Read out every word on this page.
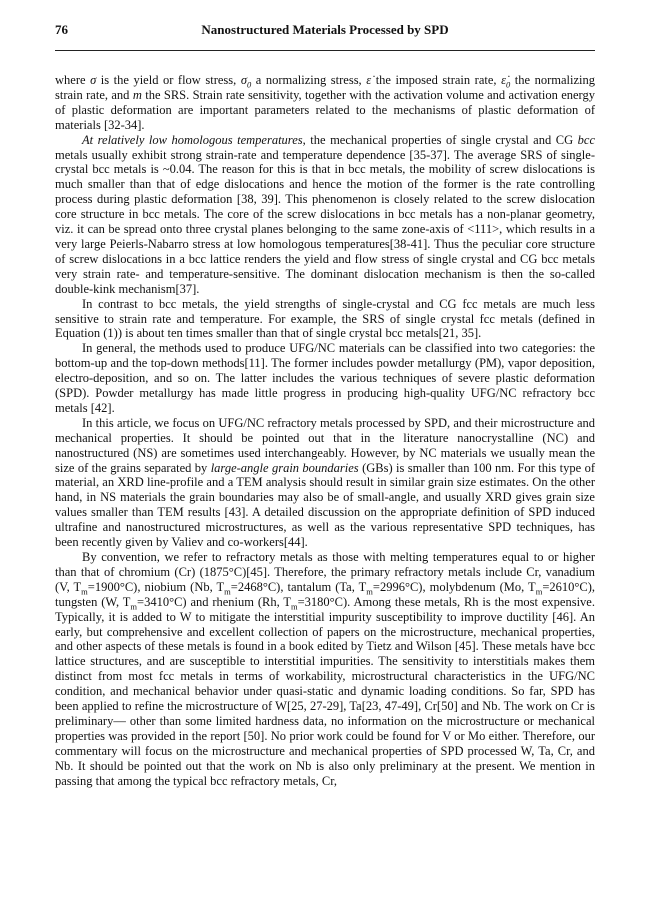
76	Nanostructured Materials Processed by SPD

where σ is the yield or flow stress, $\sigma_0$ a normalizing stress, ε̇ the imposed strain rate, $\varepsiloṅ_0$ the normalizing strain rate, and m the SRS. Strain rate sensitivity, together with the activation volume and activation energy of plastic deformation are important parameters related to the mechanisms of plastic deformation of materials [32-34].

At relatively low homologous temperatures, the mechanical properties of single crystal and CG bcc metals usually exhibit strong strain-rate and temperature dependence [35-37]. The average SRS of single-crystal bcc metals is ~0.04. The reason for this is that in bcc metals, the mobility of screw dislocations is much smaller than that of edge dislocations and hence the motion of the former is the rate controlling process during plastic deformation [38, 39]. This phenomenon is closely related to the screw dislocation core structure in bcc metals. The core of the screw dislocations in bcc metals has a non-planar geometry, viz. it can be spread onto three crystal planes belonging to the same zone-axis of <111>, which results in a very large Peierls-Nabarro stress at low homologous temperatures[38-41]. Thus the peculiar core structure of screw dislocations in a bcc lattice renders the yield and flow stress of single crystal and CG bcc metals very strain rate- and temperature-sensitive. The dominant dislocation mechanism is then the so-called double-kink mechanism[37].

In contrast to bcc metals, the yield strengths of single-crystal and CG fcc metals are much less sensitive to strain rate and temperature. For example, the SRS of single crystal fcc metals (defined in Equation (1)) is about ten times smaller than that of single crystal bcc metals[21, 35].

In general, the methods used to produce UFG/NC materials can be classified into two categories: the bottom-up and the top-down methods[11]. The former includes powder metallurgy (PM), vapor deposition, electro-deposition, and so on. The latter includes the various techniques of severe plastic deformation (SPD). Powder metallurgy has made little progress in producing high-quality UFG/NC refractory bcc metals [42].

In this article, we focus on UFG/NC refractory metals processed by SPD, and their microstructure and mechanical properties. It should be pointed out that in the literature nanocrystalline (NC) and nanostructured (NS) are sometimes used interchangeably. However, by NC materials we usually mean the size of the grains separated by large-angle grain boundaries (GBs) is smaller than 100 nm. For this type of material, an XRD line-profile and a TEM analysis should result in similar grain size estimates. On the other hand, in NS materials the grain boundaries may also be of small-angle, and usually XRD gives grain size values smaller than TEM results [43]. A detailed discussion on the appropriate definition of SPD induced ultrafine and nanostructured microstructures, as well as the various representative SPD techniques, has been recently given by Valiev and co-workers[44].

By convention, we refer to refractory metals as those with melting temperatures equal to or higher than that of chromium (Cr) (1875°C)[45]. Therefore, the primary refractory metals include Cr, vanadium (V, $T_m=1900^\circ C$), niobium (Nb, $T_m=2468^\circ C$), tantalum (Ta, $T_m=2996^\circ C$), molybdenum (Mo, $T_m=2610^\circ C$), tungsten (W, $T_m=3410^\circ C$) and rhenium (Rh, $T_m=3180^\circ C$). Among these metals, Rh is the most expensive. Typically, it is added to W to mitigate the interstitial impurity susceptibility to improve ductility [46]. An early, but comprehensive and excellent collection of papers on the microstructure, mechanical properties, and other aspects of these metals is found in a book edited by Tietz and Wilson [45]. These metals have bcc lattice structures, and are susceptible to interstitial impurities. The sensitivity to interstitials makes them distinct from most fcc metals in terms of workability, microstructural characteristics in the UFG/NC condition, and mechanical behavior under quasi-static and dynamic loading conditions. So far, SPD has been applied to refine the microstructure of W[25, 27-29], Ta[23, 47-49], Cr[50] and Nb. The work on Cr is preliminary— other than some limited hardness data, no information on the microstructure or mechanical properties was provided in the report [50]. No prior work could be found for V or Mo either. Therefore, our commentary will focus on the microstructure and mechanical properties of SPD processed W, Ta, Cr, and Nb. It should be pointed out that the work on Nb is also only preliminary at the present. We mention in passing that among the typical bcc refractory metals, Cr,
